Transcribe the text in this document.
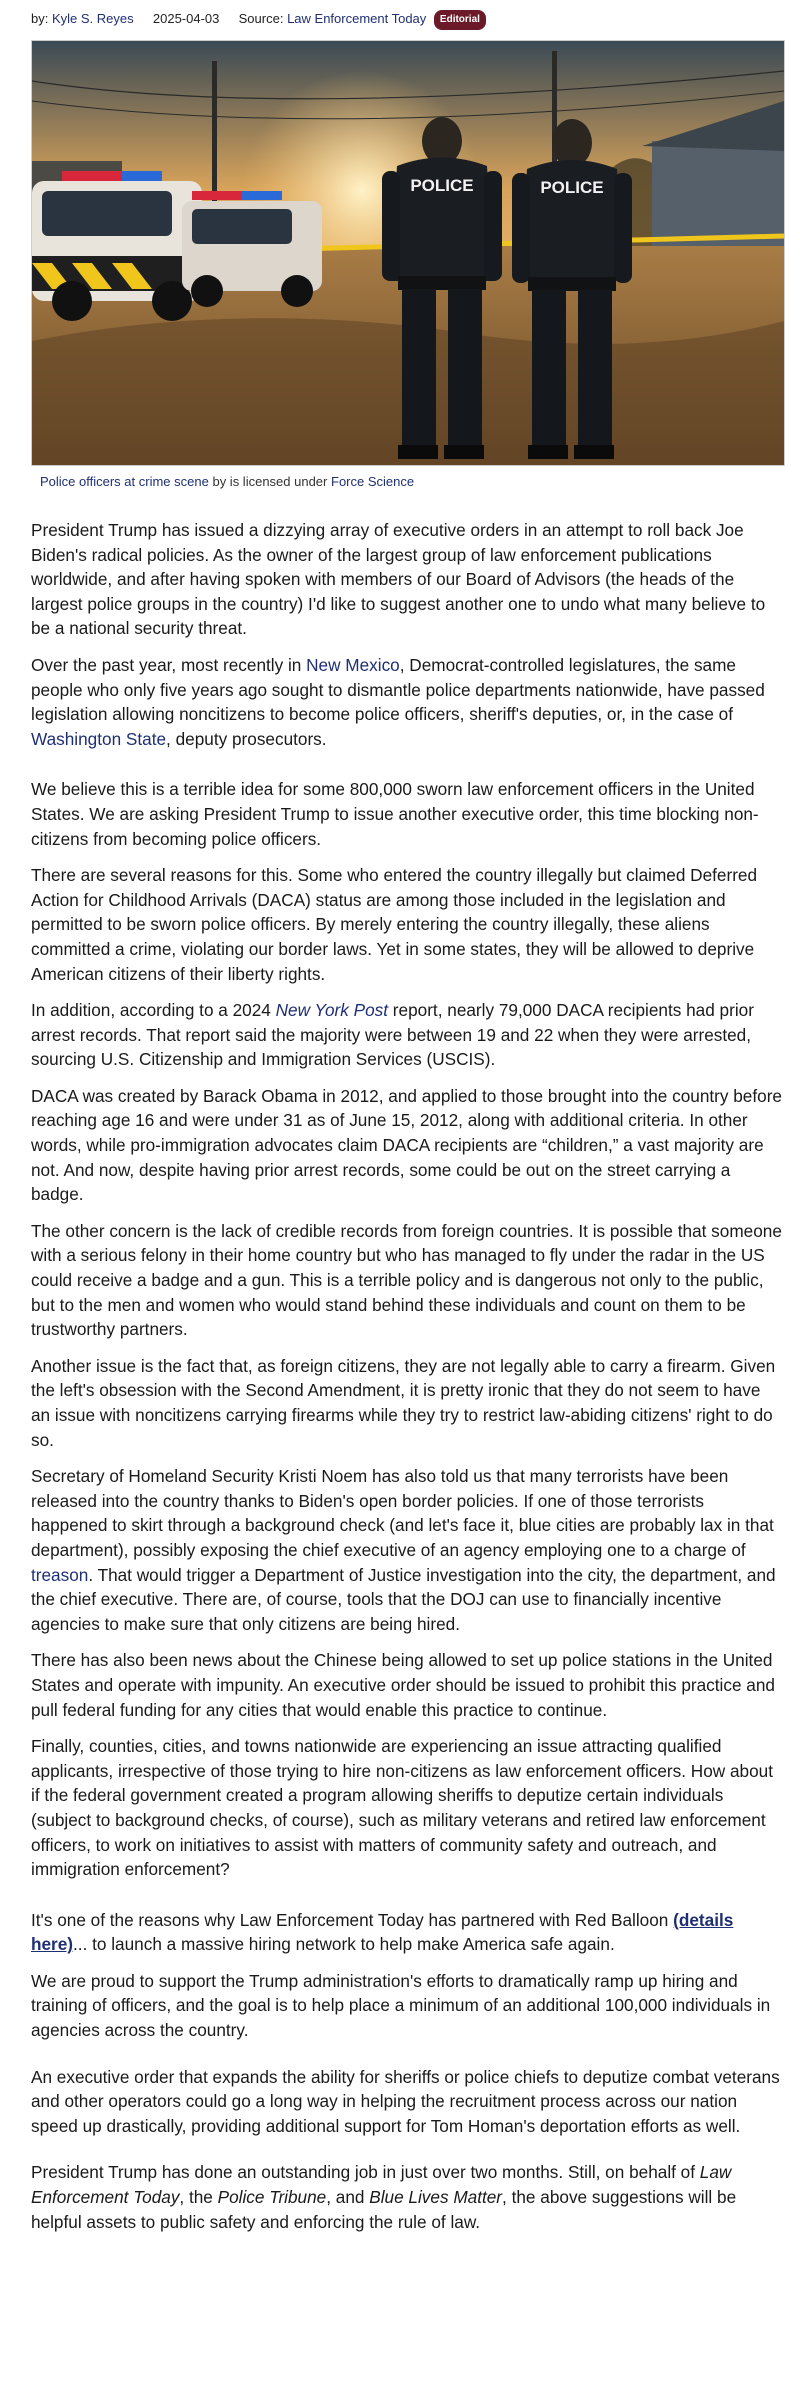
by: Kyle S. Reyes 2025-04-03 Source: Law Enforcement Today Editorial
POLICE	POLICE
Police officers at crime scene by is licensed under Force Science

President Trump has issued a dizzying array of executive orders in an attempt to roll back Joe Biden's radical policies. As the owner of the largest group of law enforcement publications worldwide, and after having spoken with members of our Board of Advisors (the heads of the largest police groups in the country) I'd like to suggest another one to undo what many believe to be a national security threat.

Over the past year, most recently in New Mexico, Democrat-controlled legislatures, the same people who only five years ago sought to dismantle police departments nationwide, have passed legislation allowing noncitizens to become police officers, sheriff's deputies, or, in the case of Washington State, deputy prosecutors.

We believe this is a terrible idea for some 800,000 sworn law enforcement officers in the United States. We are asking President Trump to issue another executive order, this time blocking non-citizens from becoming police officers.

There are several reasons for this. Some who entered the country illegally but claimed Deferred Action for Childhood Arrivals (DACA) status are among those included in the legislation and permitted to be sworn police officers. By merely entering the country illegally, these aliens committed a crime, violating our border laws. Yet in some states, they will be allowed to deprive American citizens of their liberty rights.

In addition, according to a 2024 New York Post report, nearly 79,000 DACA recipients had prior arrest records. That report said the majority were between 19 and 22 when they were arrested, sourcing U.S. Citizenship and Immigration Services (USCIS).

DACA was created by Barack Obama in 2012, and applied to those brought into the country before reaching age 16 and were under 31 as of June 15, 2012, along with additional criteria. In other words, while pro-immigration advocates claim DACA recipients are “children,” a vast majority are not. And now, despite having prior arrest records, some could be out on the street carrying a badge.

The other concern is the lack of credible records from foreign countries. It is possible that someone with a serious felony in their home country but who has managed to fly under the radar in the US could receive a badge and a gun. This is a terrible policy and is dangerous not only to the public, but to the men and women who would stand behind these individuals and count on them to be trustworthy partners.

Another issue is the fact that, as foreign citizens, they are not legally able to carry a firearm. Given the left's obsession with the Second Amendment, it is pretty ironic that they do not seem to have an issue with noncitizens carrying firearms while they try to restrict law-abiding citizens' right to do so.

Secretary of Homeland Security Kristi Noem has also told us that many terrorists have been released into the country thanks to Biden's open border policies. If one of those terrorists happened to skirt through a background check (and let's face it, blue cities are probably lax in that department), possibly exposing the chief executive of an agency employing one to a charge of treason. That would trigger a Department of Justice investigation into the city, the department, and the chief executive. There are, of course, tools that the DOJ can use to financially incentive agencies to make sure that only citizens are being hired.

There has also been news about the Chinese being allowed to set up police stations in the United States and operate with impunity. An executive order should be issued to prohibit this practice and pull federal funding for any cities that would enable this practice to continue.

Finally, counties, cities, and towns nationwide are experiencing an issue attracting qualified applicants, irrespective of those trying to hire non-citizens as law enforcement officers. How about if the federal government created a program allowing sheriffs to deputize certain individuals (subject to background checks, of course), such as military veterans and retired law enforcement officers, to work on initiatives to assist with matters of community safety and outreach, and immigration enforcement?

It's one of the reasons why Law Enforcement Today has partnered with Red Balloon (details here)... to launch a massive hiring network to help make America safe again.

We are proud to support the Trump administration's efforts to dramatically ramp up hiring and training of officers, and the goal is to help place a minimum of an additional 100,000 individuals in agencies across the country.

An executive order that expands the ability for sheriffs or police chiefs to deputize combat veterans and other operators could go a long way in helping the recruitment process across our nation speed up drastically, providing additional support for Tom Homan's deportation efforts as well.

President Trump has done an outstanding job in just over two months. Still, on behalf of Law Enforcement Today, the Police Tribune, and Blue Lives Matter, the above suggestions will be helpful assets to public safety and enforcing the rule of law.
